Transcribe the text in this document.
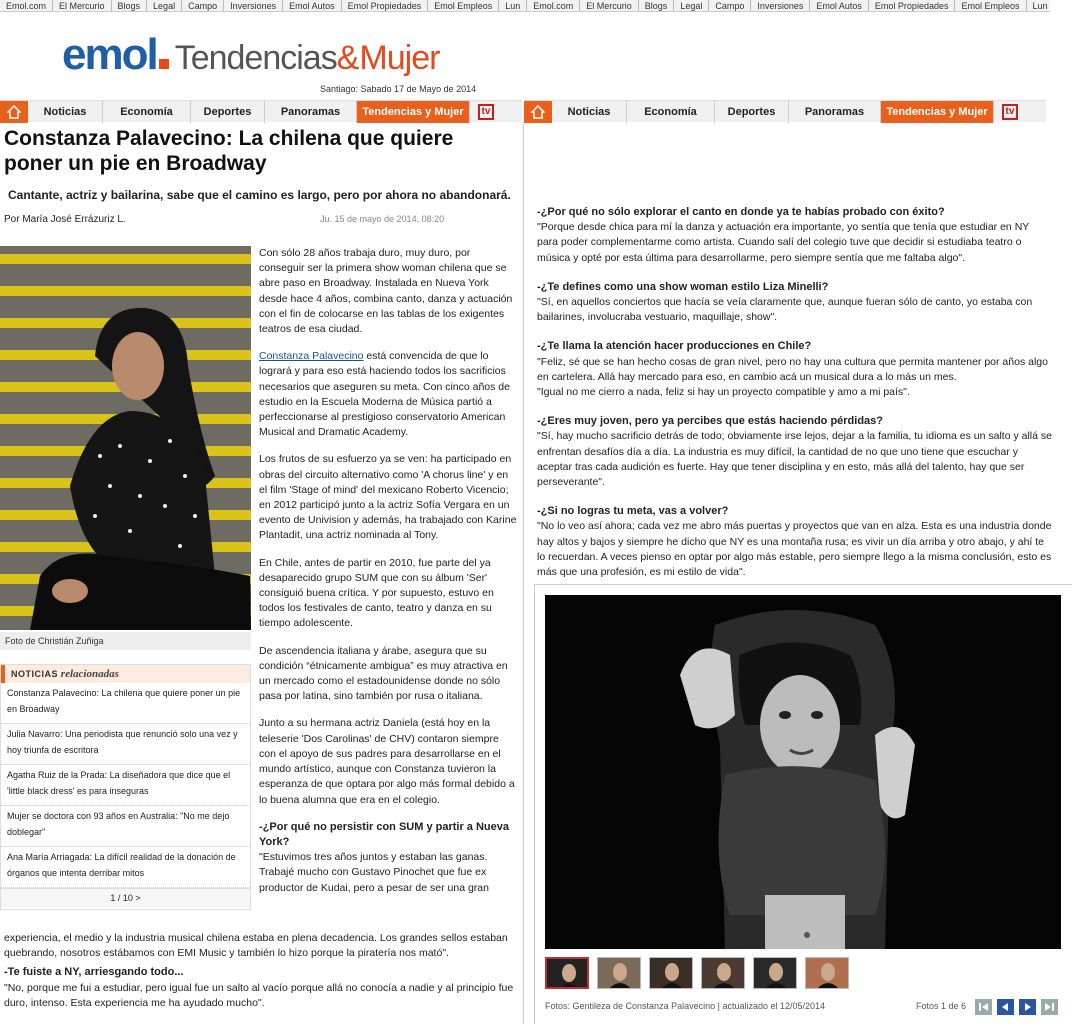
Emol.com El Mercurio Blogs Legal Campo Inversiones Emol Autos Emol Propiedades Emol Empleos Lun Emol.com El Mercurio Blogs Legal Campo Inversiones Emol Autos Emol Propiedades Emol Empleos Lun
emol Tendencias & Mujer
Santiago: Sabado 17 de Mayo de 2014
Noticias	Economía	Deportes	Panoramas	Tendencias y Mujer	tv	Noticias	Economía	Deportes	Panoramas	Tendencias y Mujer	tv
Constanza Palavecino: La chilena que quiere poner un pie en Broadway
Cantante, actriz y bailarina, sabe que el camino es largo, pero por ahora no abandonará.
Por María José Errázuriz L.	Ju. 15 de mayo de 2014, 08:20
Foto de Christián Zuñiga
NOTICIAS relacionadas
Constanza Palavecino: La chilena que quiere poner un pie en Broadway
Julia Navarro: Una periodista que renunció solo una vez y hoy triunfa de escritora
Agatha Ruiz de la Prada: La diseñadora que dice que el 'little black dress' es para inseguras
Mujer se doctora con 93 años en Australia: "No me dejo doblegar"
Ana María Arriagada: La difícil realidad de la donación de órganos que intenta derribar mitos
1 / 10 >

Con sólo 28 años trabaja duro, muy duro, por conseguir ser la primera show woman chilena que se abre paso en Broadway. Instalada en Nueva York desde hace 4 años, combina canto, danza y actuación con el fin de colocarse en las tablas de los exigentes teatros de esa ciudad.

Constanza Palavecino está convencida de que lo logrará y para eso está haciendo todos los sacrificios necesarios que aseguren su meta. Con cinco años de estudio en la Escuela Moderna de Música partió a perfeccionarse al prestigioso conservatorio American Musical and Dramatic Academy.

Los frutos de su esfuerzo ya se ven: ha participado en obras del circuito alternativo como 'A chorus line' y en el film 'Stage of mind' del mexicano Roberto Vicencio; en 2012 participó junto a la actriz Sofía Vergara en un evento de Univision y además, ha trabajado con Karine Plantadit, una actriz nominada al Tony.

En Chile, antes de partir en 2010, fue parte del ya desaparecido grupo SUM que con su álbum 'Ser' consiguió buena crítica. Y por supuesto, estuvo en todos los festivales de canto, teatro y danza en su tiempo adolescente.

De ascendencia italiana y árabe, asegura que su condición “étnicamente ambigua” es muy atractiva en un mercado como el estadounidense donde no sólo pasa por latina, sino también por rusa o italiana.

Junto a su hermana actriz Daniela (está hoy en la teleserie 'Dos Carolinas' de CHV) contaron siempre con el apoyo de sus padres para desarrollarse en el mundo artístico, aunque con Constanza tuvieron la esperanza de que optara por algo más formal debido a lo buena alumna que era en el colegio.

-¿Por qué no persistir con SUM y partir a Nueva York?

"Estuvimos tres años juntos y estaban las ganas. Trabajé mucho con Gustavo Pinochet que fue ex productor de Kudai, pero a pesar de ser una gran

experiencia, el medio y la industria musical chilena estaba en plena decadencia. Los grandes sellos estaban quebrando, nosotros estábamos con EMI Music y también lo hizo porque la piratería nos mató".

-Te fuiste a NY, arriesgando todo...

"No, porque me fui a estudiar, pero igual fue un salto al vacío porque allá no conocía a nadie y al principio fue duro, intenso. Esta experiencia me ha ayudado mucho".

-¿Por qué no sólo explorar el canto en donde ya te habías probado con éxito?

"Porque desde chica para mí la danza y actuación era importante, yo sentía que tenía que estudiar en NY para poder complementarme como artista. Cuando salí del colegio tuve que decidir si estudiaba teatro o música y opté por esta última para desarrollarme, pero siempre sentía que me faltaba algo".

-¿Te defines como una show woman estilo Liza Minelli?

"Sí, en aquellos conciertos que hacía se veía claramente que, aunque fueran sólo de canto, yo estaba con bailarines, involucraba vestuario, maquillaje, show".

-¿Te llama la atención hacer producciones en Chile?

"Feliz, sé que se han hecho cosas de gran nivel, pero no hay una cultura que permita mantener por años algo en cartelera. Allá hay mercado para eso, en cambio acá un musical dura a lo más un mes.

"Igual no me cierro a nada, feliz si hay un proyecto compatible y amo a mi país".

-¿Eres muy joven, pero ya percibes que estás haciendo pérdidas?

"Sí, hay mucho sacrificio detrás de todo; obviamente irse lejos, dejar a la familia, tu idioma es un salto y allá se enfrentan desafíos día a día. La industria es muy difícil, la cantidad de no que uno tiene que escuchar y aceptar tras cada audición es fuerte. Hay que tener disciplina y en esto, más allá del talento, hay que ser perseverante".

-¿Si no logras tu meta, vas a volver?

"No lo veo así ahora; cada vez me abro más puertas y proyectos que van en alza. Esta es una industria donde hay altos y bajos y siempre he dicho que NY es una montaña rusa; es vivir un día arriba y otro abajo, y ahí te lo recuerdan. A veces pienso en optar por algo más estable, pero siempre llego a la misma conclusión, esto es más que una profesión, es mi estilo de vida".

Fotos: Gentileza de Constanza Palavecino | actualizado el 12/05/2014	Fotos 1 de 6
